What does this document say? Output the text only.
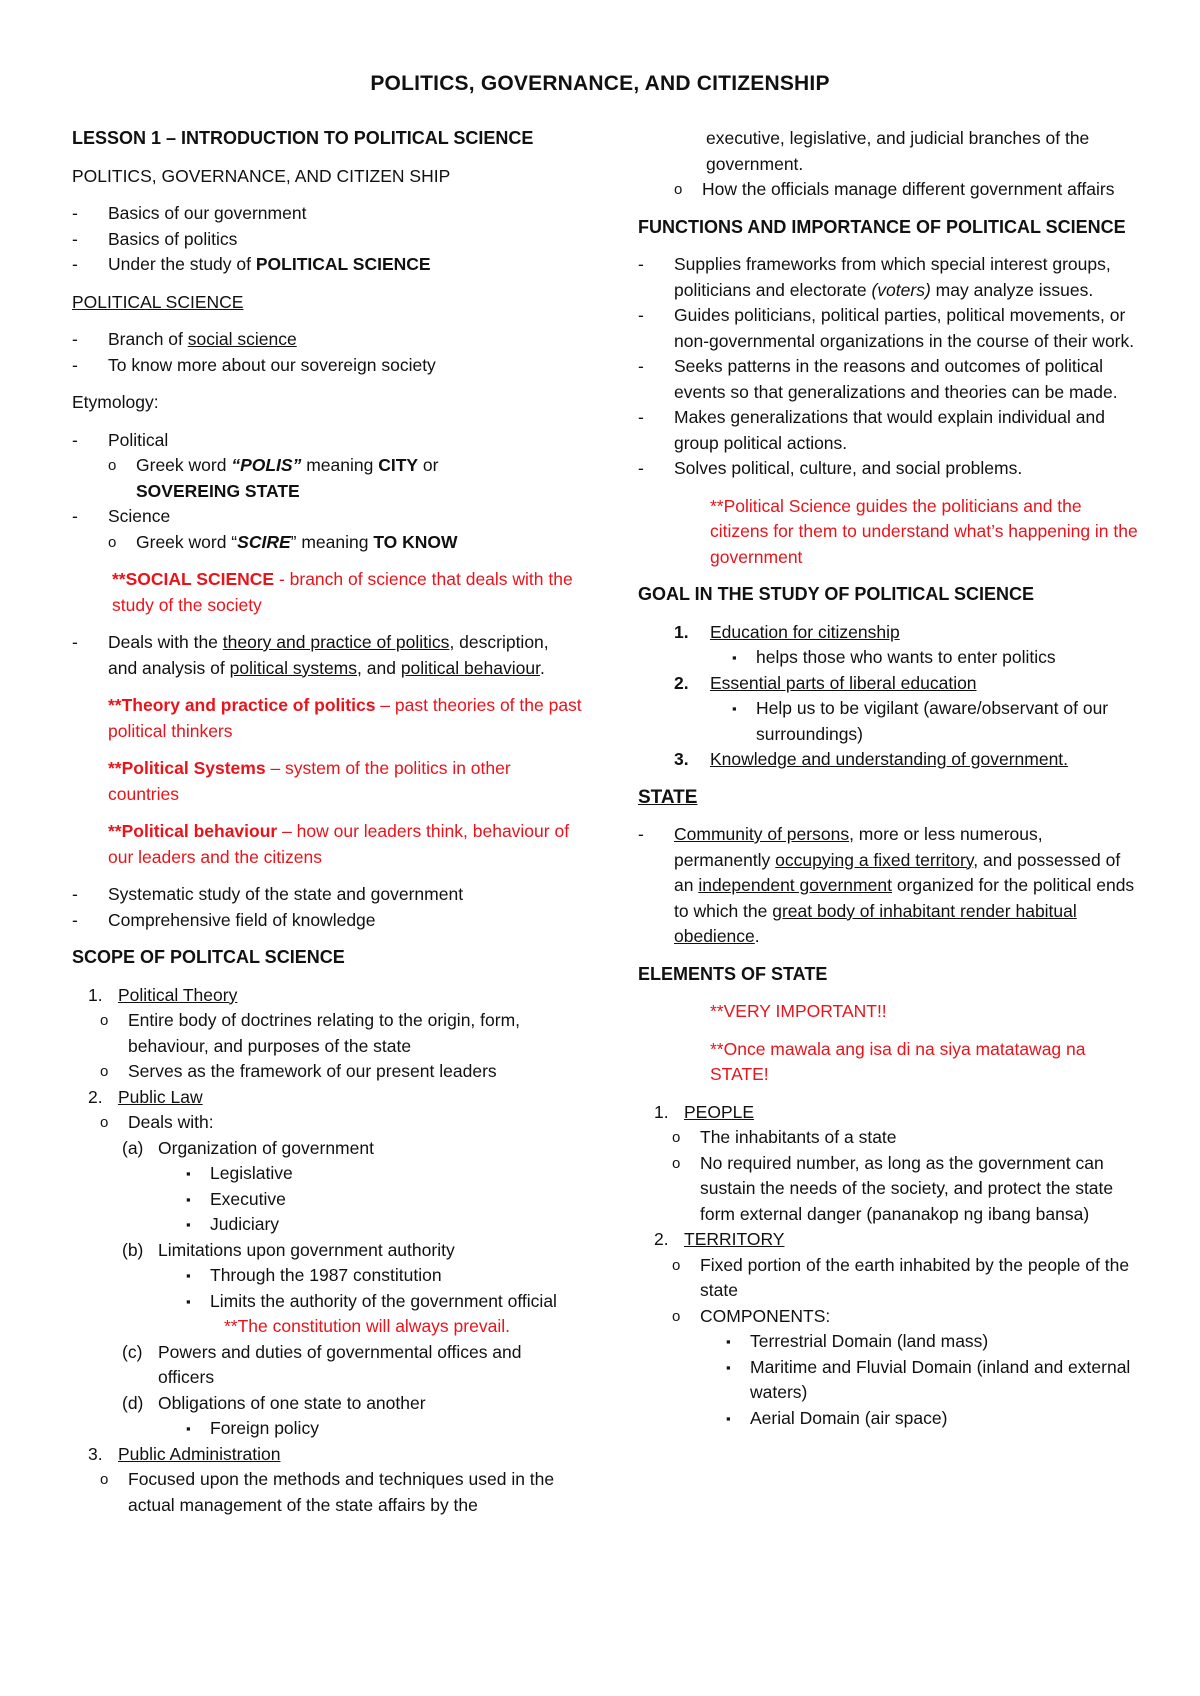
POLITICS, GOVERNANCE, AND CITIZENSHIP
LESSON 1 – INTRODUCTION TO POLITICAL SCIENCE
POLITICS, GOVERNANCE, AND CITIZEN SHIP
- Basics of our government
- Basics of politics
- Under the study of POLITICAL SCIENCE
POLITICAL SCIENCE
- Branch of social science
- To know more about our sovereign society
Etymology:
- Political
o Greek word “POLIS” meaning CITY or
SOVEREING STATE
- Science
o Greek word “SCIRE” meaning TO KNOW
**SOCIAL SCIENCE - branch of science that deals with the study of the society
- Deals with the theory and practice of politics, description, and analysis of political systems, and political behaviour.
**Theory and practice of politics – past theories of the past political thinkers
**Political Systems – system of the politics in other countries
**Political behaviour – how our leaders think, behaviour of our leaders and the citizens
- Systematic study of the state and government
- Comprehensive field of knowledge
SCOPE OF POLITCAL SCIENCE
1. Political Theory
o Entire body of doctrines relating to the origin, form, behaviour, and purposes of the state
o Serves as the framework of our present leaders
2. Public Law
o Deals with:
(a) Organization of government
▪ Legislative
▪ Executive
▪ Judiciary
(b) Limitations upon government authority
▪ Through the 1987 constitution
▪ Limits the authority of the government official
**The constitution will always prevail.
(c) Powers and duties of governmental offices and officers
(d) Obligations of one state to another
▪ Foreign policy
3. Public Administration
o Focused upon the methods and techniques used in the actual management of the state affairs by the
executive, legislative, and judicial branches of the government.
o How the officials manage different government affairs
FUNCTIONS AND IMPORTANCE OF POLITICAL SCIENCE
- Supplies frameworks from which special interest groups, politicians and electorate (voters) may analyze issues.
- Guides politicians, political parties, political movements, or non-governmental organizations in the course of their work.
- Seeks patterns in the reasons and outcomes of political events so that generalizations and theories can be made.
- Makes generalizations that would explain individual and group political actions.
- Solves political, culture, and social problems.
**Political Science guides the politicians and the citizens for them to understand what’s happening in the government
GOAL IN THE STUDY OF POLITICAL SCIENCE
1. Education for citizenship
▪ helps those who wants to enter politics
2. Essential parts of liberal education
▪ Help us to be vigilant (aware/observant of our surroundings)
3. Knowledge and understanding of government.
STATE
- Community of persons, more or less numerous, permanently occupying a fixed territory, and possessed of an independent government organized for the political ends to which the great body of inhabitant render habitual obedience.
ELEMENTS OF STATE
**VERY IMPORTANT!!
**Once mawala ang isa di na siya matatawag na STATE!
1. PEOPLE
o The inhabitants of a state
o No required number, as long as the government can sustain the needs of the society, and protect the state form external danger (pananakop ng ibang bansa)
2. TERRITORY
o Fixed portion of the earth inhabited by the people of the state
o COMPONENTS:
▪ Terrestrial Domain (land mass)
▪ Maritime and Fluvial Domain (inland and external waters)
▪ Aerial Domain (air space)
